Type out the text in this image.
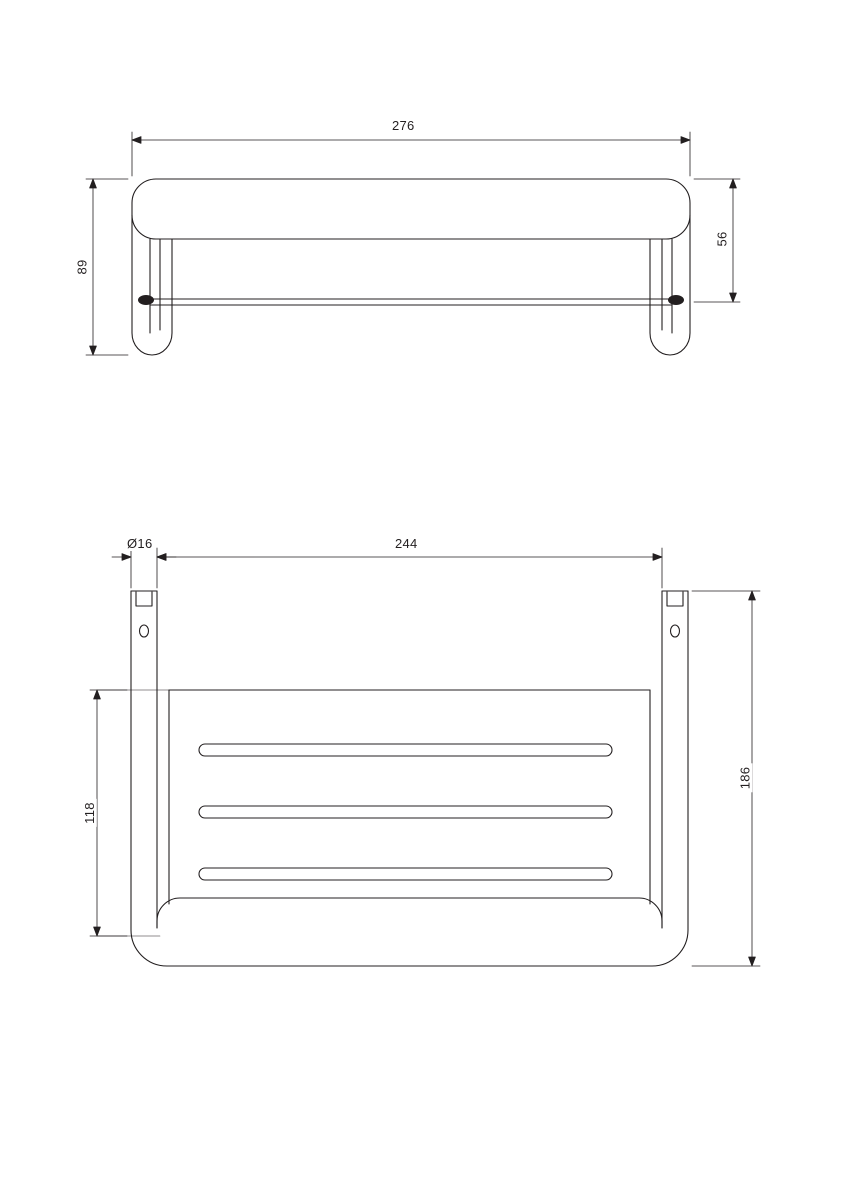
276
89
56
Ø16	244
186
118
